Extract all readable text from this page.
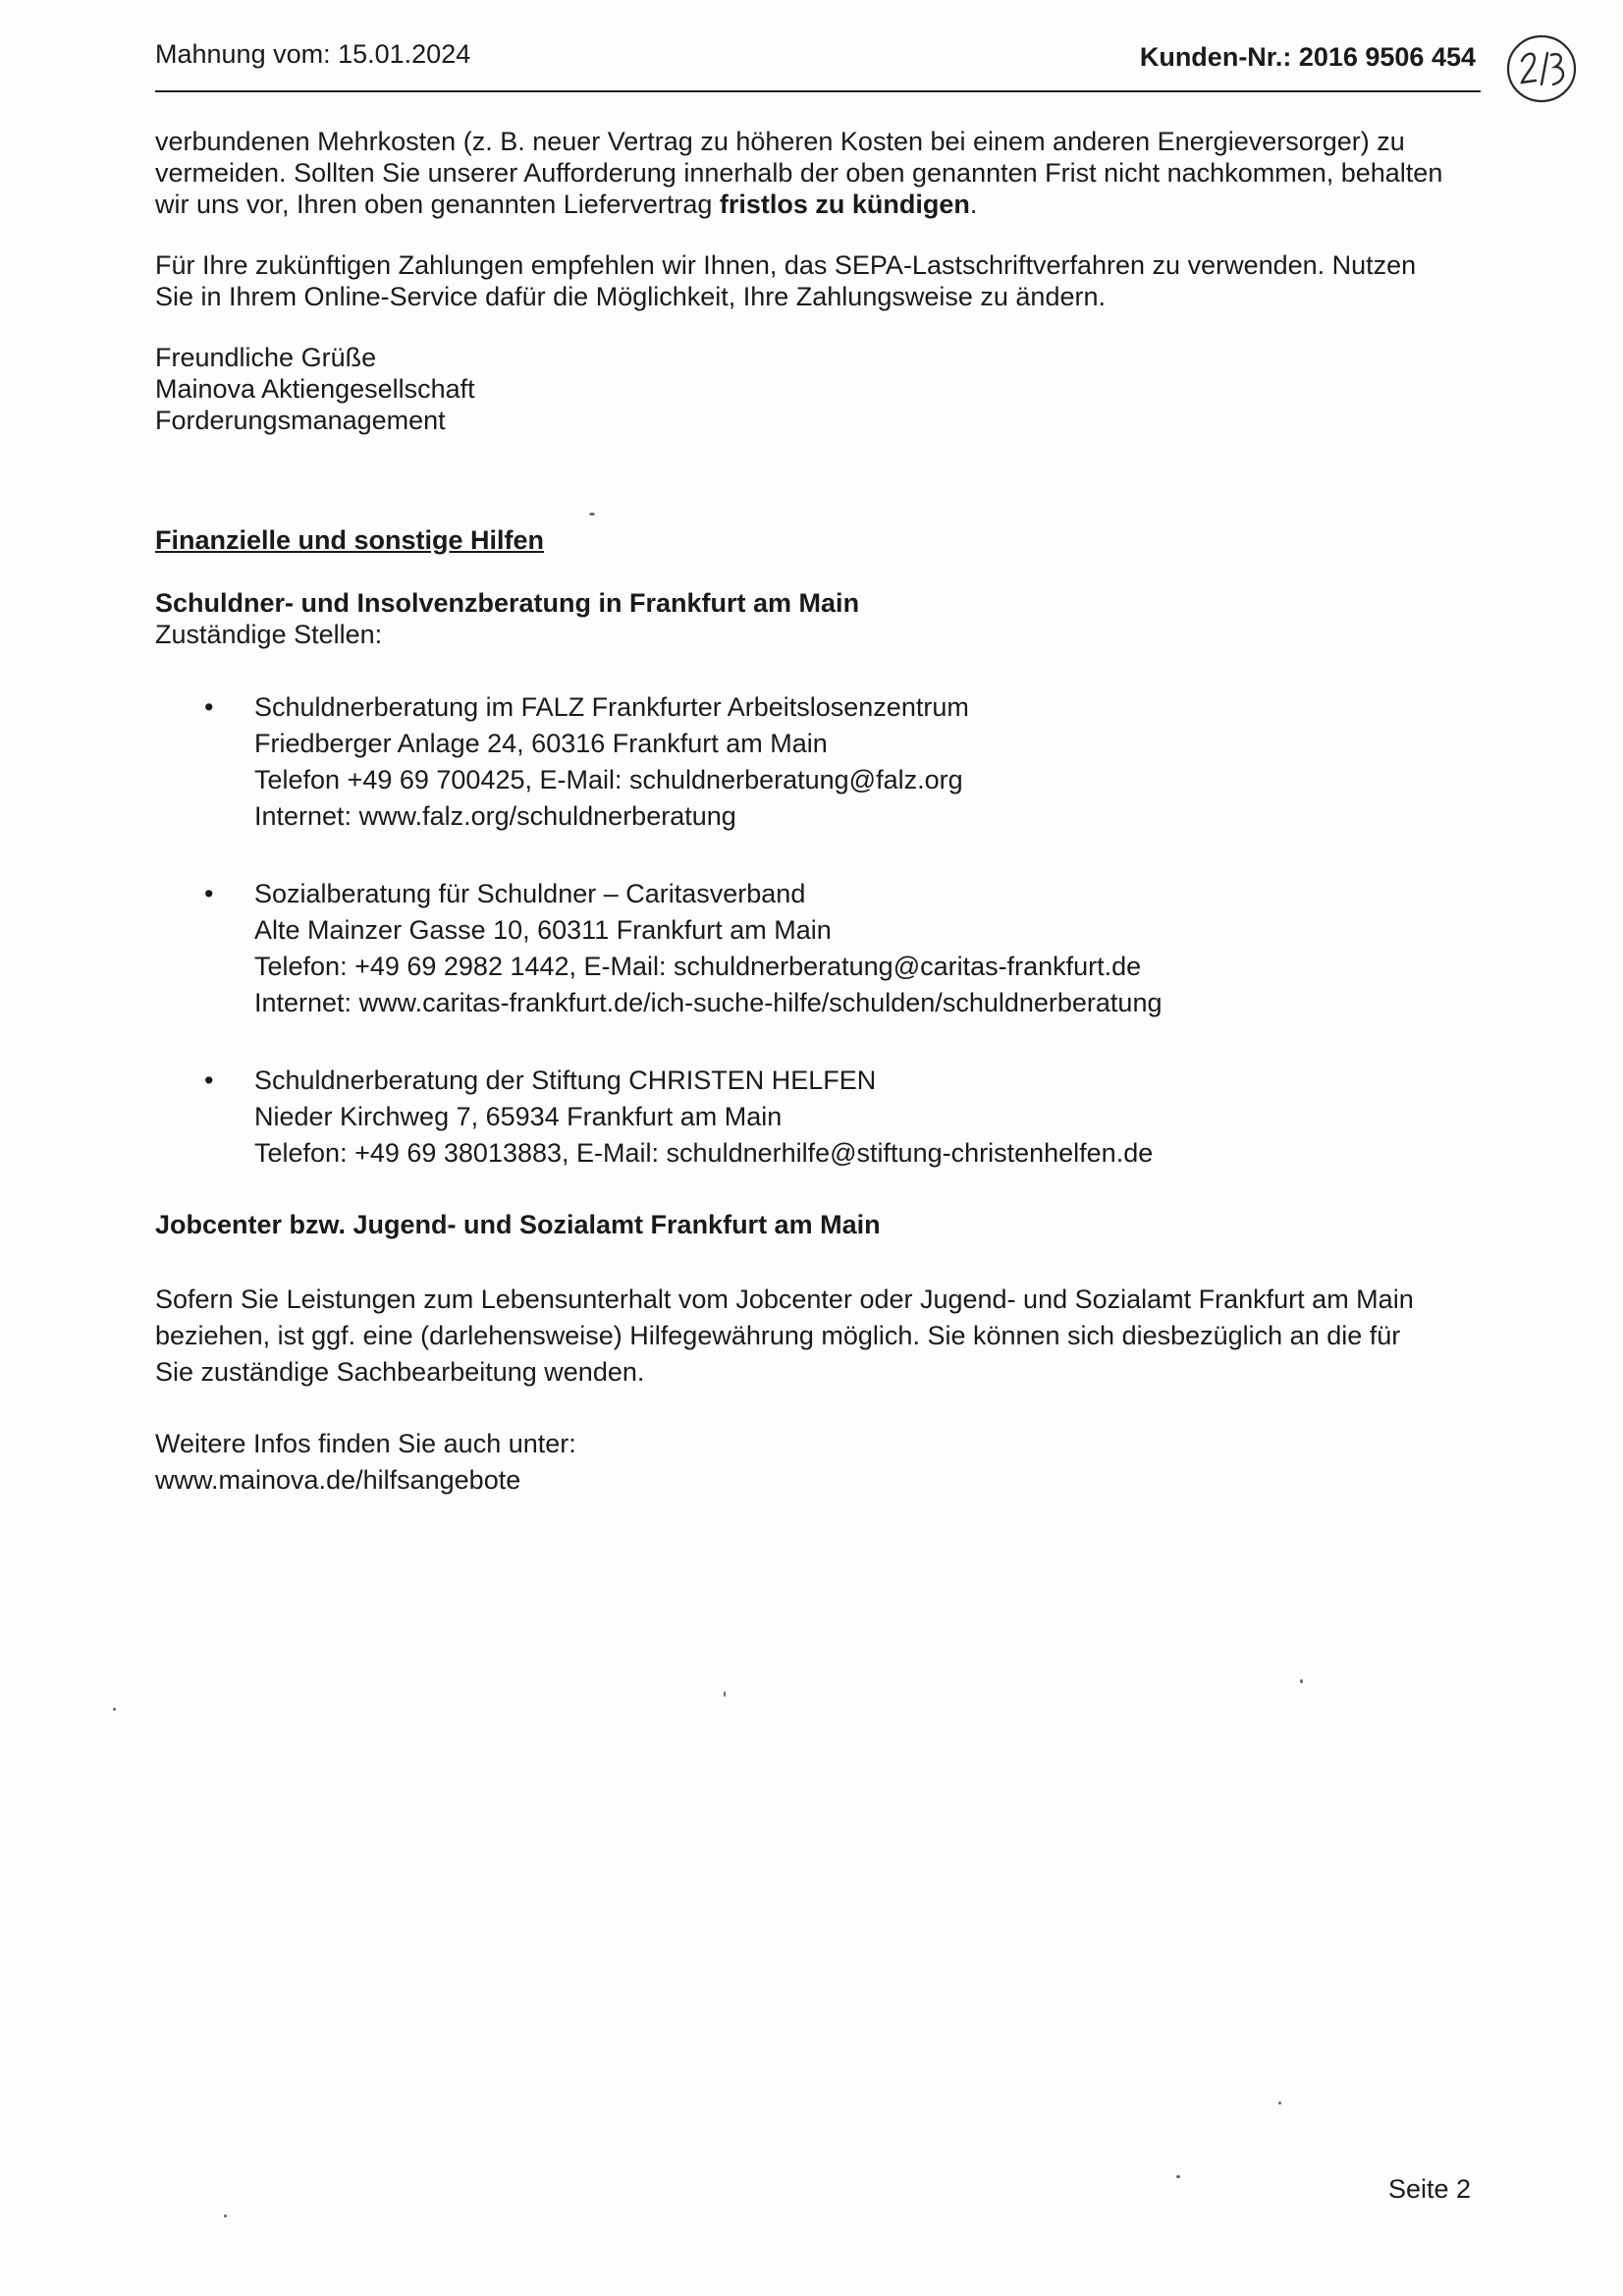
Mahnung vom: 15.01.2024	Kunden-Nr.: 2016 9506 454

verbundenen Mehrkosten (z. B. neuer Vertrag zu höheren Kosten bei einem anderen Energieversorger) zu

vermeiden. Sollten Sie unserer Aufforderung innerhalb der oben genannten Frist nicht nachkommen, behalten

wir uns vor, Ihren oben genannten Liefervertrag fristlos zu kündigen.

Für Ihre zukünftigen Zahlungen empfehlen wir Ihnen, das SEPA-Lastschriftverfahren zu verwenden. Nutzen

Sie in Ihrem Online-Service dafür die Möglichkeit, Ihre Zahlungsweise zu ändern.

Freundliche Grüße

Mainova Aktiengesellschaft

Forderungsmanagement

Finanzielle und sonstige Hilfen

Schuldner- und Insolvenzberatung in Frankfurt am Main

Zuständige Stellen:

• Schuldnerberatung im FALZ Frankfurter Arbeitslosenzentrum
Friedberger Anlage 24, 60316 Frankfurt am Main
Telefon +49 69 700425, E-Mail: schuldnerberatung@falz.org
Internet: www.falz.org/schuldnerberatung
• Sozialberatung für Schuldner – Caritasverband
Alte Mainzer Gasse 10, 60311 Frankfurt am Main
Telefon: +49 69 2982 1442, E-Mail: schuldnerberatung@caritas-frankfurt.de
Internet: www.caritas-frankfurt.de/ich-suche-hilfe/schulden/schuldnerberatung
• Schuldnerberatung der Stiftung CHRISTEN HELFEN
Nieder Kirchweg 7, 65934 Frankfurt am Main
Telefon: +49 69 38013883, E-Mail: schuldnerhilfe@stiftung-christenhelfen.de

Jobcenter bzw. Jugend- und Sozialamt Frankfurt am Main

Sofern Sie Leistungen zum Lebensunterhalt vom Jobcenter oder Jugend- und Sozialamt Frankfurt am Main

beziehen, ist ggf. eine (darlehensweise) Hilfegewährung möglich. Sie können sich diesbezüglich an die für

Sie zuständige Sachbearbeitung wenden.

Weitere Infos finden Sie auch unter:

www.mainova.de/hilfsangebote

Seite 2
